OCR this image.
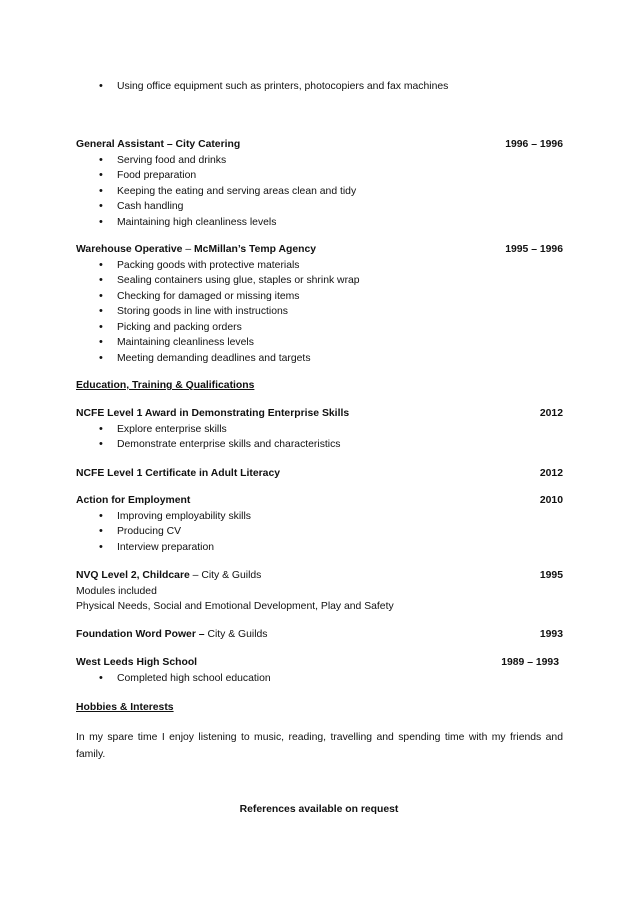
• Using office equipment such as printers, photocopiers and fax machines
General Assistant – City Catering	1996 – 1996
• Serving food and drinks
• Food preparation
• Keeping the eating and serving areas clean and tidy
• Cash handling
• Maintaining high cleanliness levels
Warehouse Operative – McMillan’s Temp Agency	1995 – 1996
• Packing goods with protective materials
• Sealing containers using glue, staples or shrink wrap
• Checking for damaged or missing items
• Storing goods in line with instructions
• Picking and packing orders
• Maintaining cleanliness levels
• Meeting demanding deadlines and targets
Education, Training & Qualifications
NCFE Level 1 Award in Demonstrating Enterprise Skills	2012
• Explore enterprise skills
• Demonstrate enterprise skills and characteristics
NCFE Level 1 Certificate in Adult Literacy	2012
Action for Employment	2010
• Improving employability skills
• Producing CV
• Interview preparation
NVQ Level 2, Childcare – City & Guilds	1995
Modules included
Physical Needs, Social and Emotional Development, Play and Safety
Foundation Word Power – City & Guilds	1993
West Leeds High School	1989 – 1993
• Completed high school education
Hobbies & Interests
In my spare time I enjoy listening to music, reading, travelling and spending time with my friends and family.
References available on request
